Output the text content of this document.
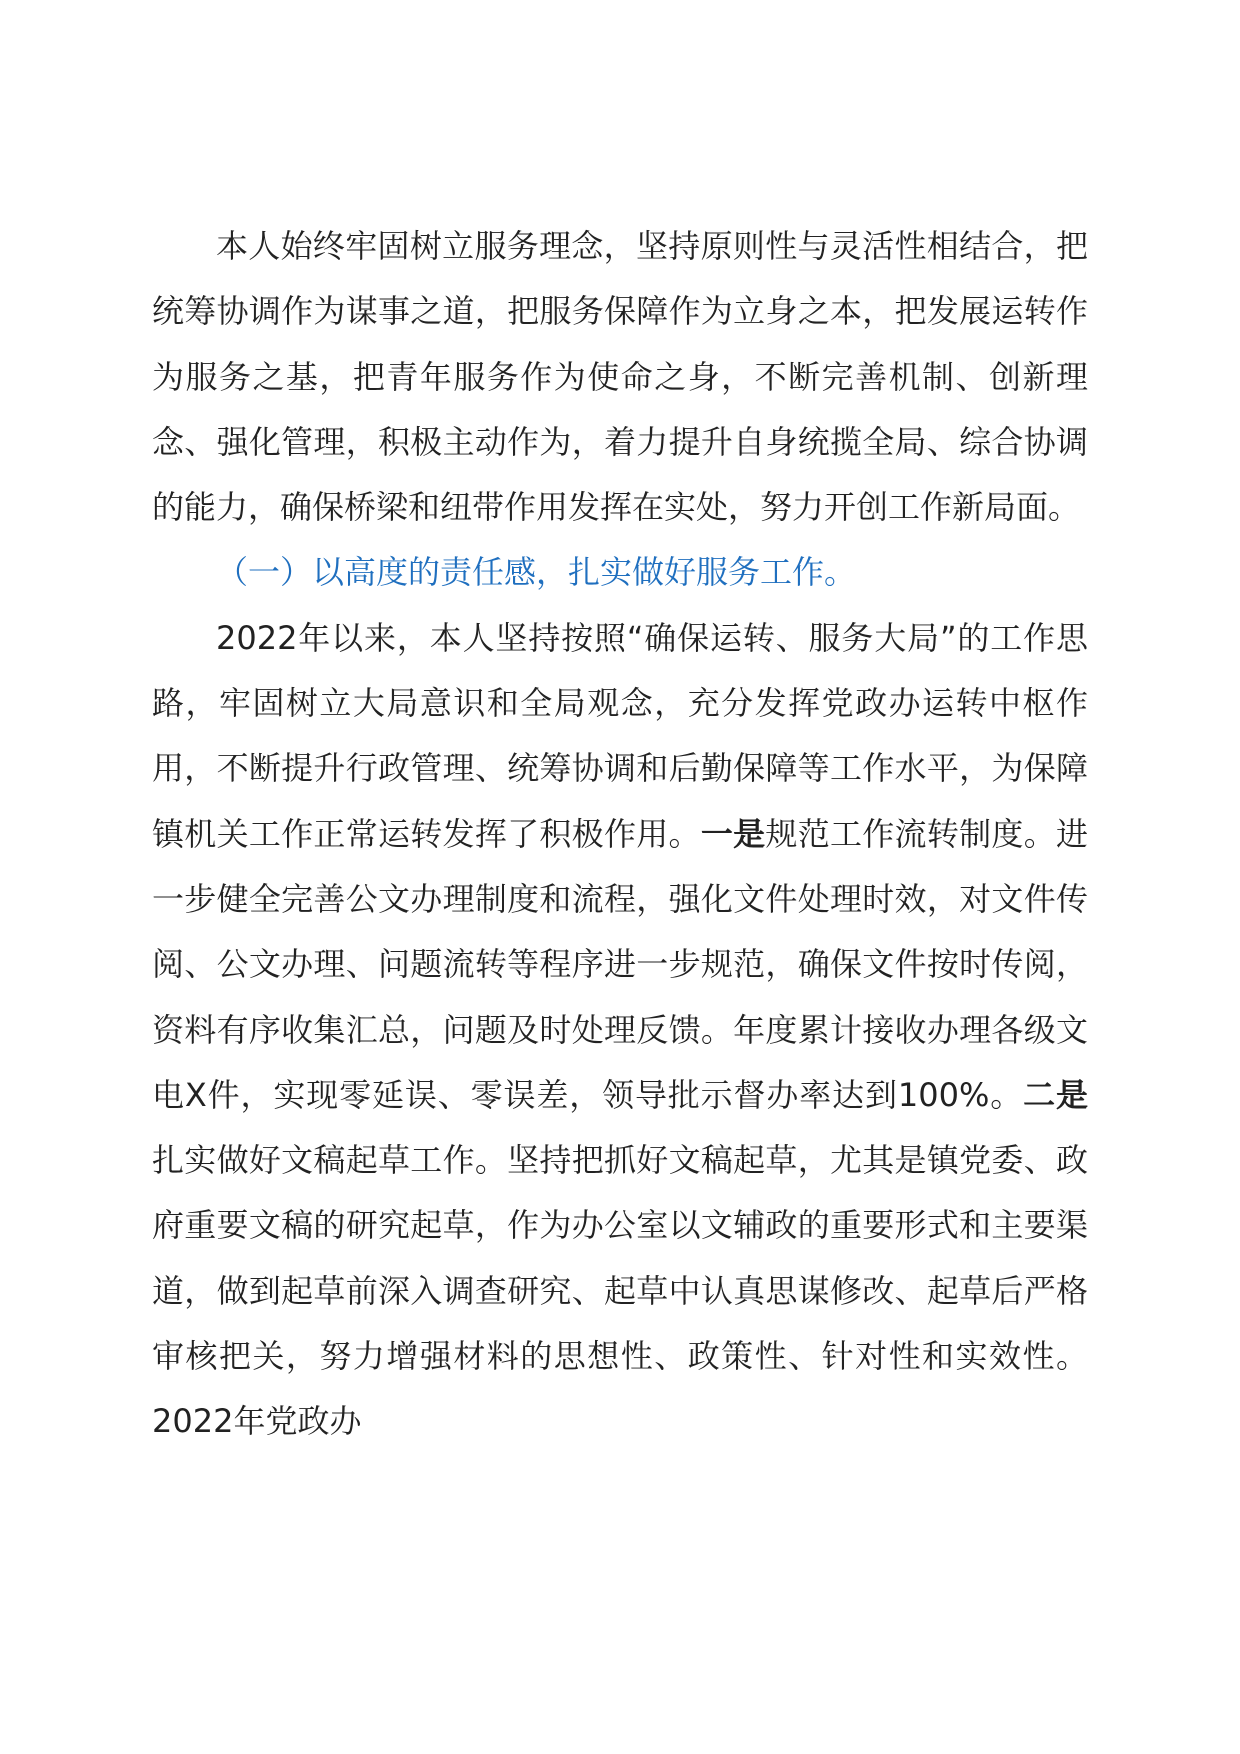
本人始终牢固树立服务理念，坚持原则性与灵活性相结合，把统筹协调作为谋事之道，把服务保障作为立身之本，把发展运转作为服务之基，把青年服务作为使命之身，不断完善机制、创新理念、强化管理，积极主动作为，着力提升自身统揽全局、综合协调的能力，确保桥梁和纽带作用发挥在实处，努力开创工作新局面。

（一）以高度的责任感，扎实做好服务工作。

2022年以来，本人坚持按照“确保运转、服务大局”的工作思路，牢固树立大局意识和全局观念，充分发挥党政办运转中枢作用，不断提升行政管理、统筹协调和后勤保障等工作水平，为保障镇机关工作正常运转发挥了积极作用。一是规范工作流转制度。进一步健全完善公文办理制度和流程，强化文件处理时效，对文件传阅、公文办理、问题流转等程序进一步规范，确保文件按时传阅，资料有序收集汇总，问题及时处理反馈。年度累计接收办理各级文电X件，实现零延误、零误差，领导批示督办率达到100%。二是扎实做好文稿起草工作。坚持把抓好文稿起草，尤其是镇党委、政府重要文稿的研究起草，作为办公室以文辅政的重要形式和主要渠道，做到起草前深入调查研究、起草中认真思谋修改、起草后严格审核把关，努力增强材料的思想性、政策性、针对性和实效性。2022年党政办
